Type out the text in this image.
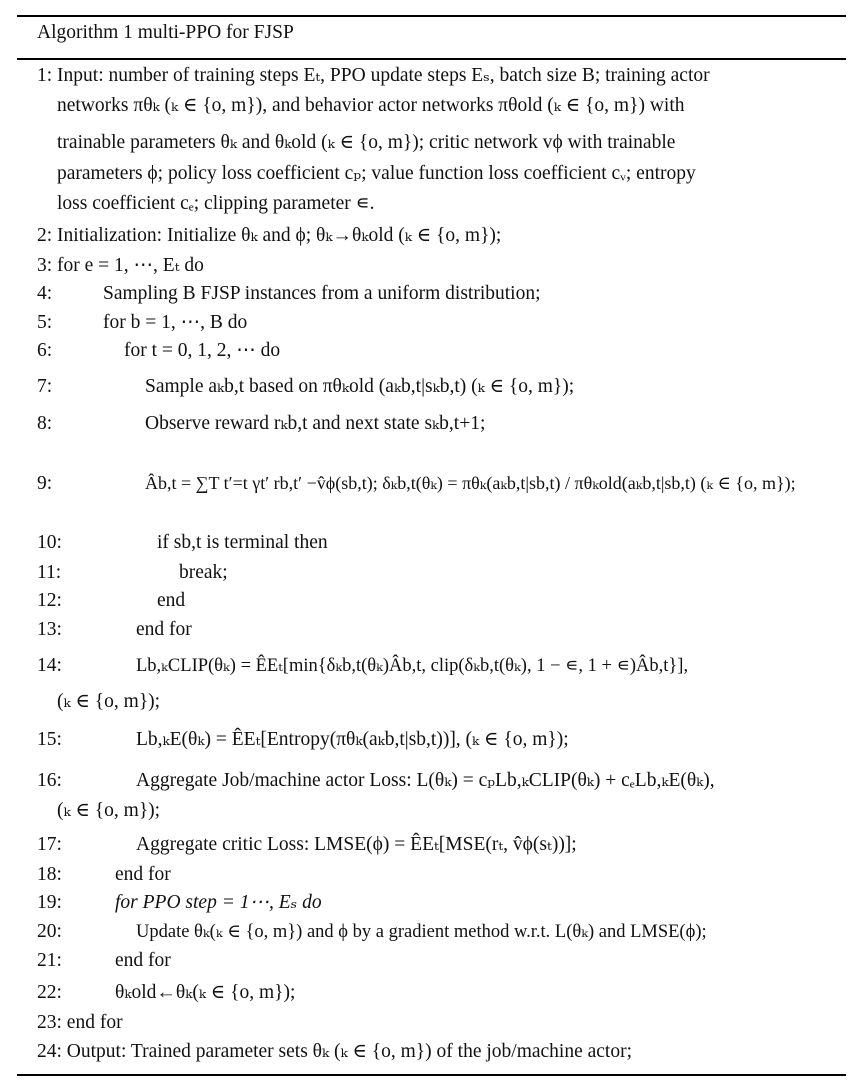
Algorithm 1 multi-PPO for FJSP
1: Input: number of training steps Eₜ, PPO update steps Eₛ, batch size B; training actor
networks πθₖ (ₖ ∈ {o, m}), and behavior actor networks πθold (ₖ ∈ {o, m}) with
trainable parameters θₖ and θₖold (ₖ ∈ {o, m}); critic network vϕ with trainable
parameters ϕ; policy loss coefficient cₚ; value function loss coefficient cᵥ; entropy
loss coefficient cₑ; clipping parameter ∊.
2: Initialization: Initialize θₖ and ϕ; θₖ→θₖold (ₖ ∈ {o, m});
3: for e = 1, ⋯, Eₜ do
4:	Sampling B FJSP instances from a uniform distribution;
5:	for b = 1, ⋯, B do
6:	for t = 0, 1, 2, ⋯ do
7:	Sample aₖb,t based on πθₖold (aₖb,t|sₖb,t) (ₖ ∈ {o, m});
8:	Observe reward rₖb,t and next state sₖb,t+1;
9:	Âb,t = ∑T t′=t γt′ rb,t′ −v̂ϕ(sb,t); δₖb,t(θₖ) = πθₖ(aₖb,t|sb,t) / πθₖold(aₖb,t|sb,t) (ₖ ∈ {o, m});
10:	if sb,t is terminal then
11:	break;
12:	end
13:	end for
14:	Lb,ₖCLIP(θₖ) = ÊEₜ[min{δₖb,t(θₖ)Âb,t, clip(δₖb,t(θₖ), 1 − ∊, 1 + ∊)Âb,t}],
(ₖ ∈ {o, m});
15:	Lb,ₖE(θₖ) = ÊEₜ[Entropy(πθₖ(aₖb,t|sb,t))], (ₖ ∈ {o, m});
16:	Aggregate Job/machine actor Loss: L(θₖ) = cₚLb,ₖCLIP(θₖ) + cₑLb,ₖE(θₖ),
(ₖ ∈ {o, m});
17:	Aggregate critic Loss: LMSE(ϕ) = ÊEₜ[MSE(rₜ, v̂ϕ(sₜ))];
18:	end for
19:	for PPO step = 1⋯, Eₛ do
20:	Update θₖ(ₖ ∈ {o, m}) and ϕ by a gradient method w.r.t. L(θₖ) and LMSE(ϕ);
21:	end for
22:	θₖold←θₖ(ₖ ∈ {o, m});
23: end for
24: Output: Trained parameter sets θₖ (ₖ ∈ {o, m}) of the job/machine actor;
